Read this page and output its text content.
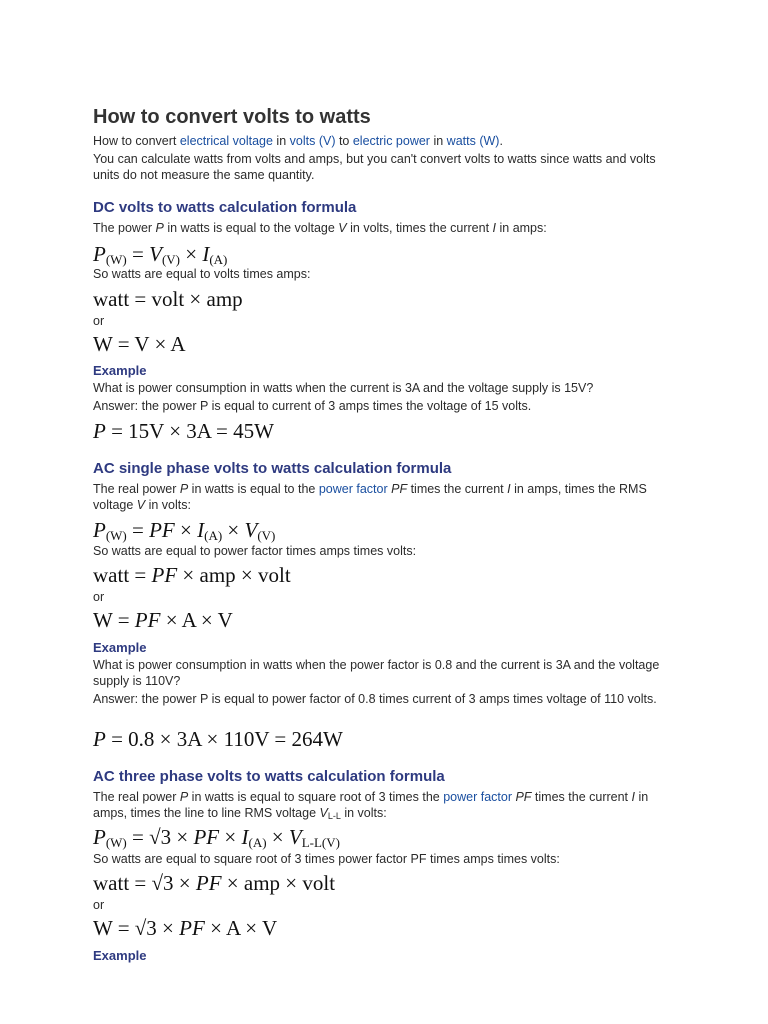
How to convert volts to watts
How to convert electrical voltage in volts (V) to electric power in watts (W).
You can calculate watts from volts and amps, but you can't convert volts to watts since watts and volts units do not measure the same quantity.
DC volts to watts calculation formula
The power P in watts is equal to the voltage V in volts, times the current I in amps:
$P_{(W)} = V_{(V)} \times I_{(A)}$
So watts are equal to volts times amps:
watt = volt × amp
or
W = V × A
Example
What is power consumption in watts when the current is 3A and the voltage supply is 15V?
Answer: the power P is equal to current of 3 amps times the voltage of 15 volts.
P = 15V × 3A = 45W
AC single phase volts to watts calculation formula
The real power P in watts is equal to the power factor PF times the current I in amps, times the RMS voltage V in volts:
$P_{(W)}$ = PF × $I_{(A)} \times V_{(V)}$
So watts are equal to power factor times amps times volts:
watt = PF × amp × volt
or
W = PF × A × V
Example
What is power consumption in watts when the power factor is 0.8 and the current is 3A and the voltage supply is 110V?
Answer: the power P is equal to power factor of 0.8 times current of 3 amps times voltage of 110 volts.
P = 0.8 × 3A × 110V = 264W
AC three phase volts to watts calculation formula
The real power P in watts is equal to square root of 3 times the power factor PF times the current I in amps, times the line to line RMS voltage VL-L in volts:
$P_{(W)} = √3$ × PF × $I_{(A)} \times V_{L-L(V)}$
So watts are equal to square root of 3 times power factor PF times amps times volts:
watt = √3 × PF × amp × volt
or
W = √3 × PF × A × V
Example
